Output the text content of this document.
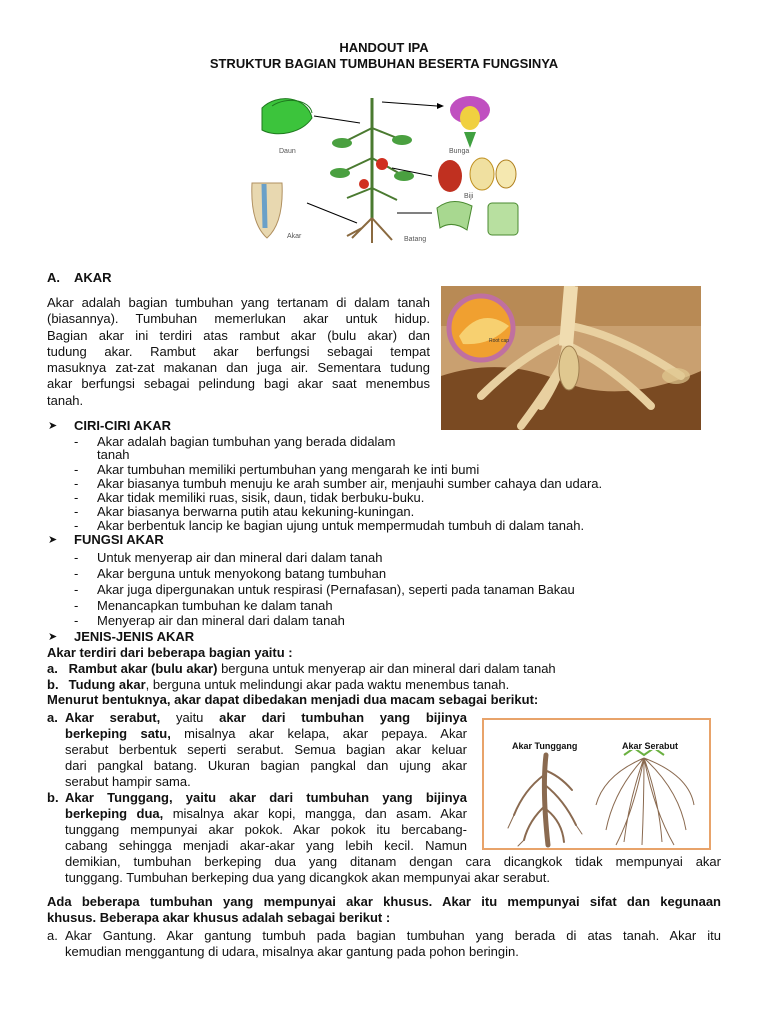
HANDOUT IPA
STRUKTUR BAGIAN TUMBUHAN BESERTA FUNGSINYA
Daun	Bunga
Biji
Batang
Akar
A. AKAR
Akar adalah bagian tumbuhan yang tertanam di dalam tanah
(biasannya). Tumbuhan memerlukan akar untuk hidup.
Bagian akar ini terdiri atas rambut akar (bulu akar) dan
tudung akar. Rambut akar berfungsi sebagai tempat
masuknya zat-zat makanan dan juga air. Sementara tudung
akar berfungsi sebagai pelindung bagi akar saat menembus
tanah.
Root cap
➤ CIRI-CIRI AKAR
-	Akar adalah bagian tumbuhan yang berada didalam
tanah
-	Akar tumbuhan memiliki pertumbuhan yang mengarah ke inti bumi
-	Akar biasanya tumbuh menuju ke arah sumber air, menjauhi sumber cahaya dan udara.
-	Akar tidak memiliki ruas, sisik, daun, tidak berbuku-buku.
-	Akar biasanya berwarna putih atau kekuning-kuningan.
-	Akar berbentuk lancip ke bagian ujung untuk mempermudah tumbuh di dalam tanah.
➤ FUNGSI AKAR
-	Untuk menyerap air dan mineral dari dalam tanah
-	Akar berguna untuk menyokong batang tumbuhan
-	Akar juga dipergunakan untuk respirasi (Pernafasan), seperti pada tanaman Bakau
-	Menancapkan tumbuhan ke dalam tanah
-	Menyerap air dan mineral dari dalam tanah
➤ JENIS-JENIS AKAR
Akar terdiri dari beberapa bagian yaitu :
a. Rambut akar (bulu akar) berguna untuk menyerap air dan mineral dari dalam tanah
b. Tudung akar, berguna untuk melindungi akar pada waktu menembus tanah.
Menurut bentuknya, akar dapat dibedakan menjadi dua macam sebagai berikut:
a. Akar serabut, yaitu akar dari tumbuhan yang bijinya
berkeping satu, misalnya akar kelapa, akar pepaya. Akar
serabut berbentuk seperti serabut. Semua bagian akar keluar
dari pangkal batang. Ukuran bagian pangkal dan ujung akar
serabut hampir sama.
b. Akar Tunggang, yaitu akar dari tumbuhan yang bijinya
berkeping dua, misalnya akar kopi, mangga, dan asam. Akar
tunggang mempunyai akar pokok. Akar pokok itu bercabang-
cabang sehingga menjadi akar-akar yang lebih kecil. Namun
demikian, tumbuhan berkeping dua yang ditanam dengan cara dicangkok tidak mempunyai akar
tunggang. Tumbuhan berkeping dua yang dicangkok akan mempunyai akar serabut.
Akar Tunggang	Akar Serabut
Ada beberapa tumbuhan yang mempunyai akar khusus. Akar itu mempunyai sifat dan kegunaan
khusus. Beberapa akar khusus adalah sebagai berikut :
a. Akar Gantung. Akar gantung tumbuh pada bagian tumbuhan yang berada di atas tanah. Akar itu
kemudian menggantung di udara, misalnya akar gantung pada pohon beringin.
